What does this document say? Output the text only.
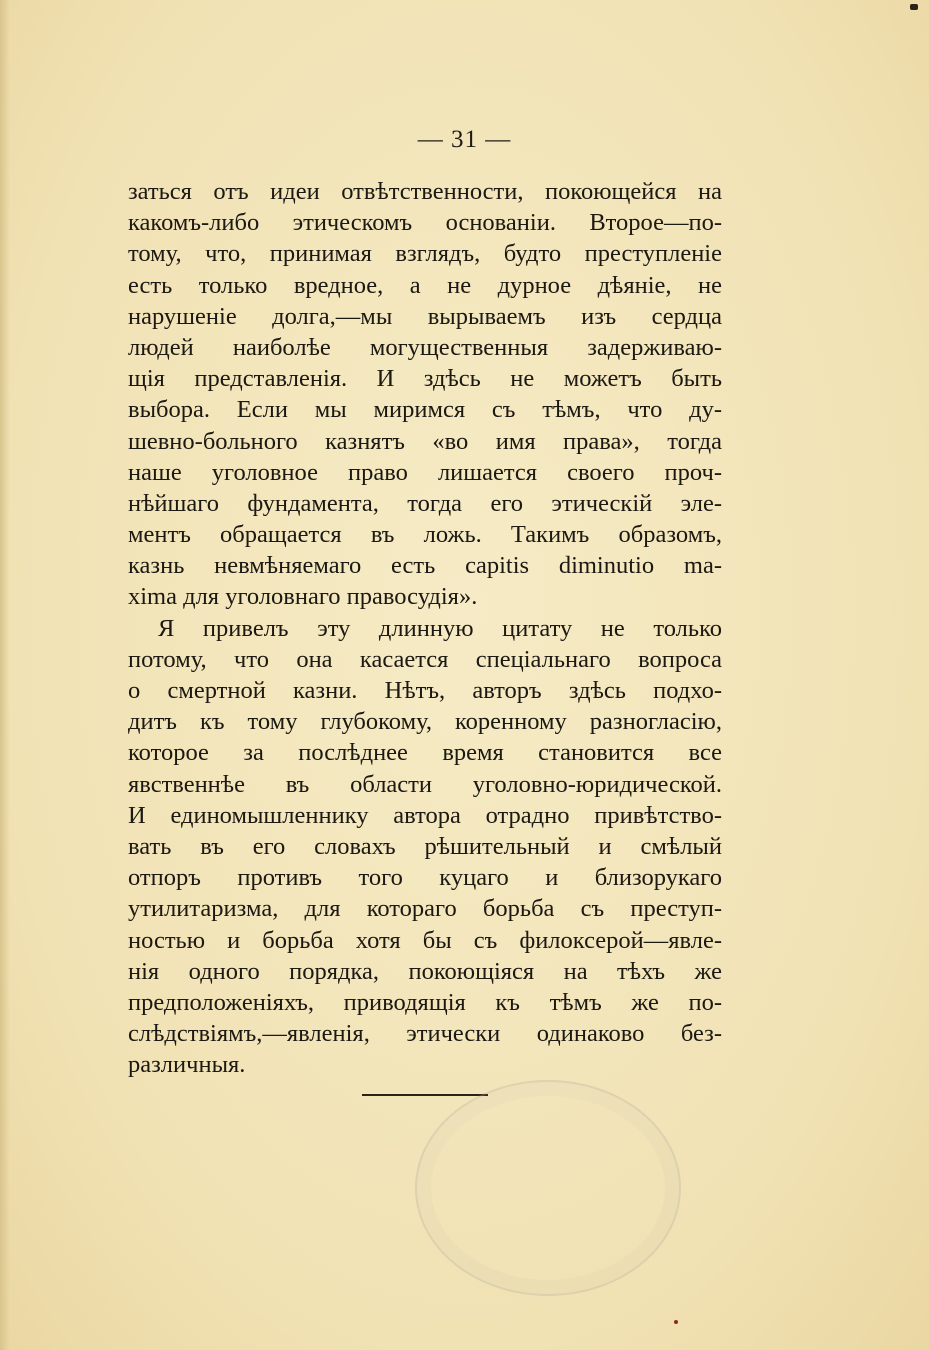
— 31 —
заться отъ идеи отвѣтственности, покоющейся на
какомъ-либо этическомъ основаніи. Второе—по-
тому, что, принимая взглядъ, будто преступленіе
есть только вредное, а не дурное дѣяніе, не
нарушеніе долга,—мы вырываемъ изъ сердца
людей наиболѣе могущественныя задерживаю-
щія представленія. И здѣсь не можетъ быть
выбора. Если мы миримся съ тѣмъ, что ду-
шевно-больного казнятъ «во имя права», тогда
наше уголовное право лишается своего проч-
нѣйшаго фундамента, тогда его этическій эле-
ментъ обращается въ ложь. Такимъ образомъ,
казнь невмѣняемаго есть capitis diminutio ma-
xima для уголовнаго правосудія».
Я привелъ эту длинную цитату не только
потому, что она касается спеціальнаго вопроса
о смертной казни. Нѣтъ, авторъ здѣсь подхо-
дитъ къ тому глубокому, коренному разногласію,
которое за послѣднее время становится все
явственнѣе въ области уголовно-юридической.
И единомышленнику автора отрадно привѣтство-
вать въ его словахъ рѣшительный и смѣлый
отпоръ противъ того куцаго и близорукаго
утилитаризма, для котораго борьба съ преступ-
ностью и борьба хотя бы съ филоксерой—явле-
нія одного порядка, покоющіяся на тѣхъ же
предположеніяхъ, приводящія къ тѣмъ же по-
слѣдствіямъ,—явленія, этически одинаково без-
различныя.
